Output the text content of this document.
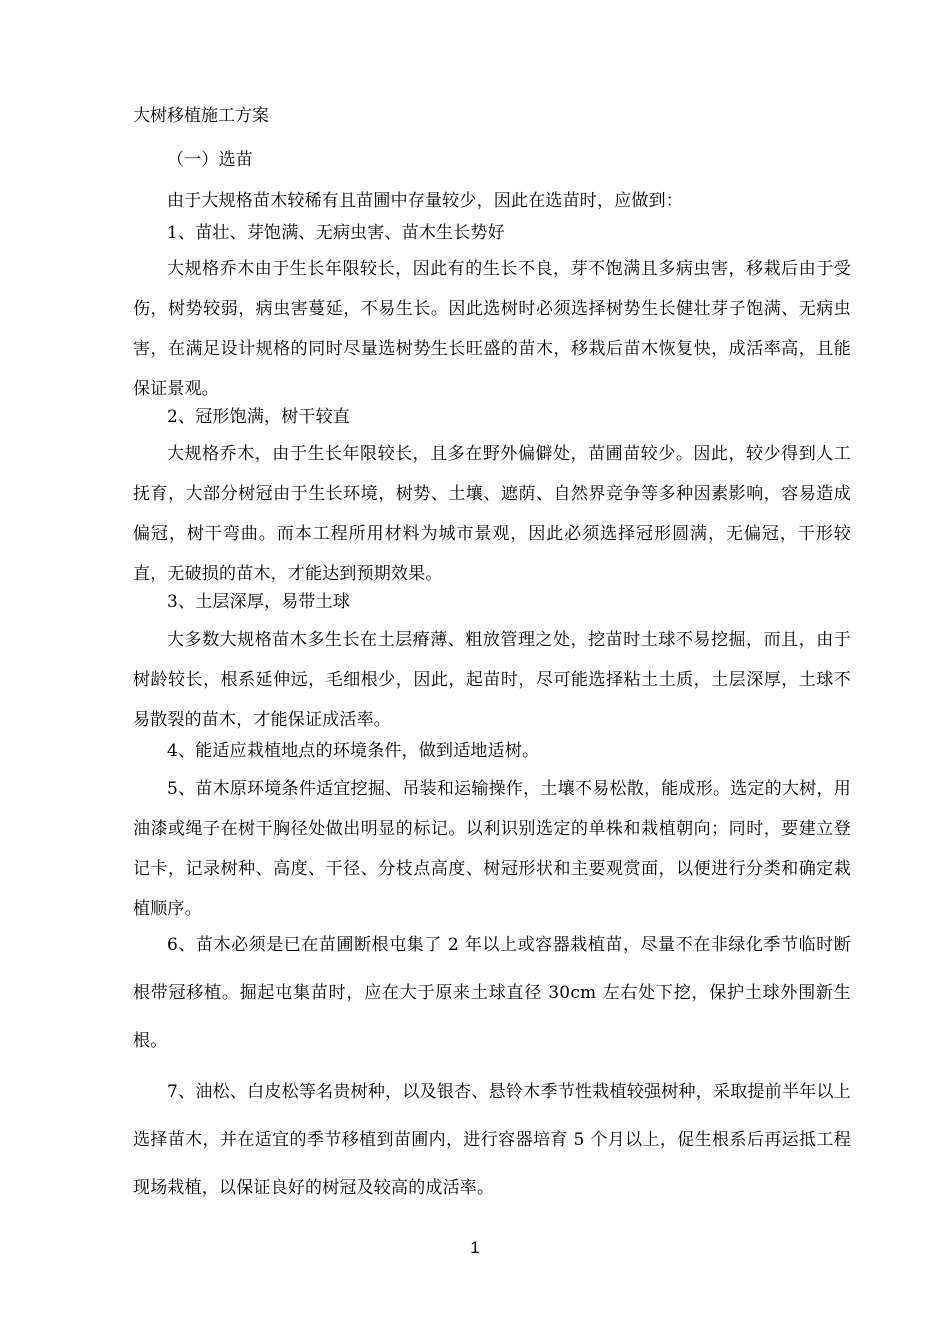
大树移植施工方案

（一）选苗

由于大规格苗木较稀有且苗圃中存量较少，因此在选苗时，应做到：

1、苗壮、芽饱满、无病虫害、苗木生长势好

大规格乔木由于生长年限较长，因此有的生长不良，芽不饱满且多病虫害，移栽后由于受伤，树势较弱，病虫害蔓延，不易生长。因此选树时必须选择树势生长健壮芽子饱满、无病虫害，在满足设计规格的同时尽量选树势生长旺盛的苗木，移栽后苗木恢复快，成活率高，且能保证景观。

2、冠形饱满，树干较直

大规格乔木，由于生长年限较长，且多在野外偏僻处，苗圃苗较少。因此，较少得到人工抚育，大部分树冠由于生长环境，树势、土壤、遮荫、自然界竞争等多种因素影响，容易造成偏冠，树干弯曲。而本工程所用材料为城市景观，因此必须选择冠形圆满，无偏冠，干形较直，无破损的苗木，才能达到预期效果。

3、土层深厚，易带土球

大多数大规格苗木多生长在土层瘠薄、粗放管理之处，挖苗时土球不易挖掘，而且，由于树龄较长，根系延伸远，毛细根少，因此，起苗时，尽可能选择粘土土质，土层深厚，土球不易散裂的苗木，才能保证成活率。

4、能适应栽植地点的环境条件，做到适地适树。

5、苗木原环境条件适宜挖掘、吊装和运输操作，土壤不易松散，能成形。选定的大树，用油漆或绳子在树干胸径处做出明显的标记。以利识别选定的单株和栽植朝向；同时，要建立登记卡，记录树种、高度、干径、分枝点高度、树冠形状和主要观赏面，以便进行分类和确定栽植顺序。

6、苗木必须是已在苗圃断根屯集了 2 年以上或容器栽植苗，尽量不在非绿化季节临时断根带冠移植。掘起屯集苗时，应在大于原来土球直径 30cm 左右处下挖，保护土球外围新生根。

7、油松、白皮松等名贵树种，以及银杏、悬铃木季节性栽植较强树种，采取提前半年以上选择苗木，并在适宜的季节移植到苗圃内，进行容器培育 5 个月以上，促生根系后再运抵工程现场栽植，以保证良好的树冠及较高的成活率。

1
